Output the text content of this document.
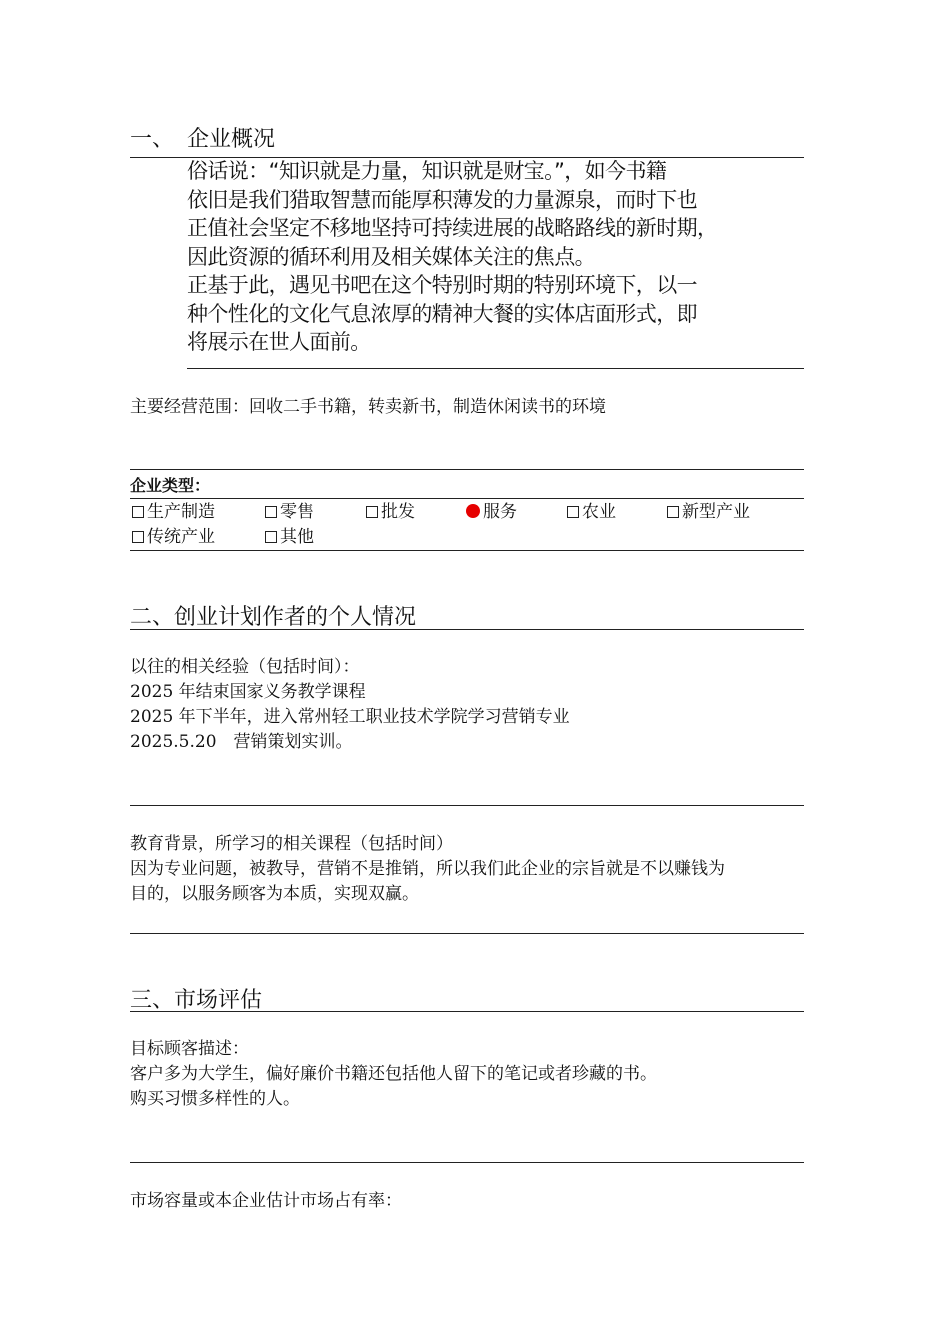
一、 企业概况

俗话说：“知识就是力量，知识就是财宝。”，如今书籍

依旧是我们猎取智慧而能厚积薄发的力量源泉，而时下也

正值社会坚定不移地坚持可持续进展的战略路线的新时期，

因此资源的循环利用及相关媒体关注的焦点。

正基于此，遇见书吧在这个特别时期的特别环境下，以一

种个性化的文化气息浓厚的精神大餐的实体店面形式，即

将展示在世人面前。

主要经营范围：回收二手书籍，转卖新书，制造休闲读书的环境
企业类型：
生产制造	零售	批发	服务	农业	新型产业
传统产业	其他
二、创业计划作者的个人情况
以往的相关经验（包括时间）：
2025 年结束国家义务教学课程
2025 年下半年，进入常州轻工职业技术学院学习营销专业
2025.5.20　营销策划实训。
教育背景，所学习的相关课程（包括时间）
因为专业问题，被教导，营销不是推销，所以我们此企业的宗旨就是不以赚钱为
目的，以服务顾客为本质，实现双赢。
三、市场评估
目标顾客描述：
客户多为大学生，偏好廉价书籍还包括他人留下的笔记或者珍藏的书。
购买习惯多样性的人。
市场容量或本企业估计市场占有率：
